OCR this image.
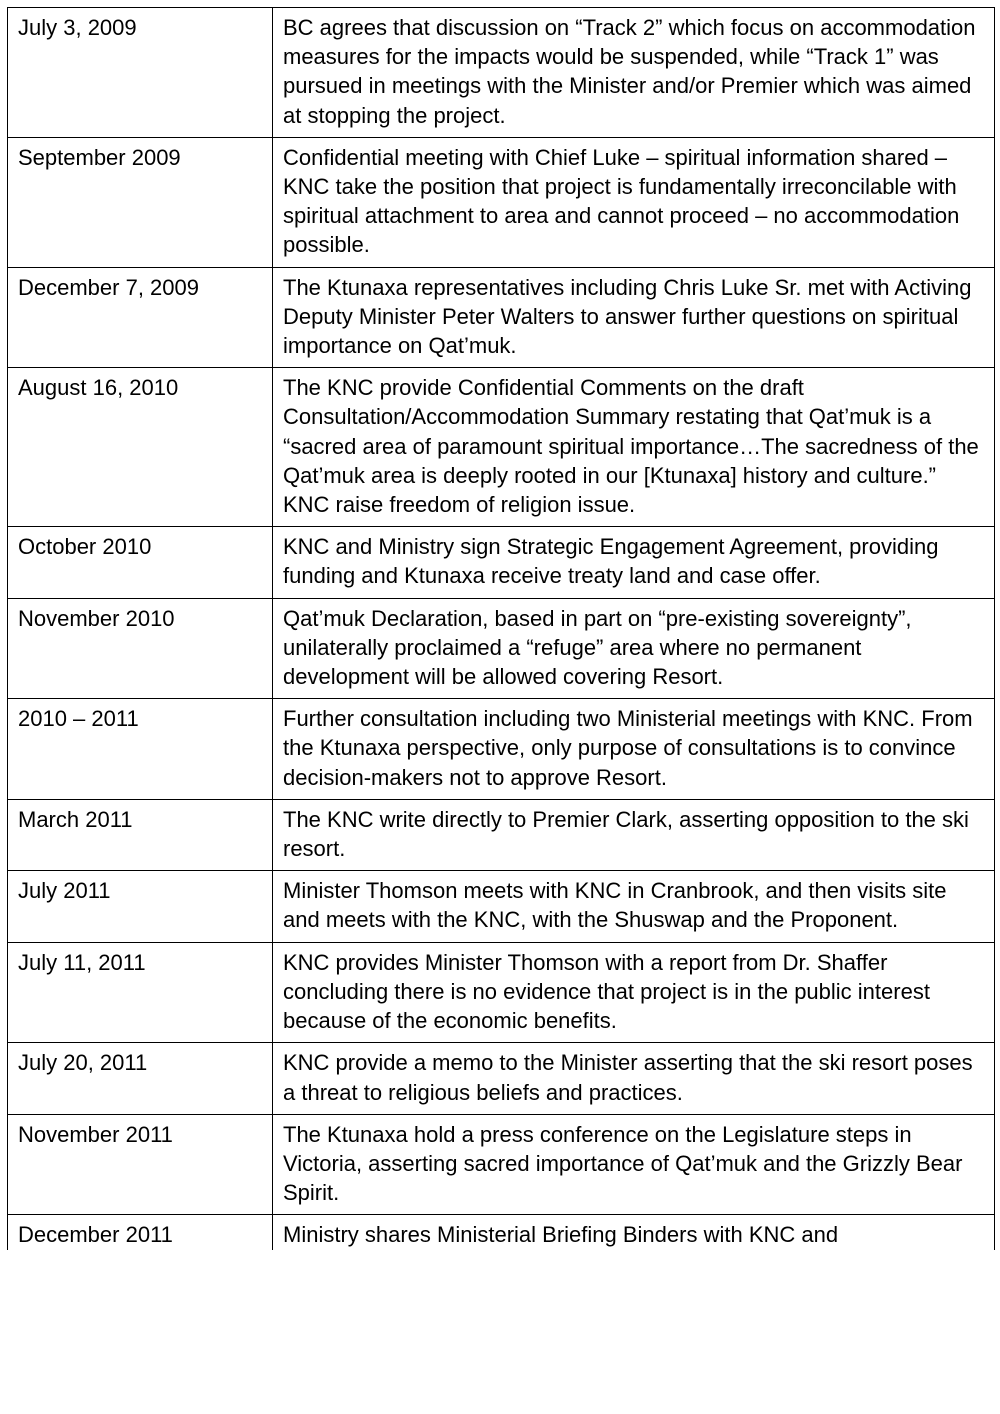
July 3, 2009	BC agrees that discussion on “Track 2” which focus on accommodation measures for the impacts would be suspended, while “Track 1” was pursued in meetings with the Minister and/or Premier which was aimed at stopping the project.
September 2009	Confidential meeting with Chief Luke – spiritual information shared – KNC take the position that project is fundamentally irreconcilable with spiritual attachment to area and cannot proceed – no accommodation possible.
December 7, 2009	The Ktunaxa representatives including Chris Luke Sr. met with Activing Deputy Minister Peter Walters to answer further questions on spiritual importance on Qat’muk.
August 16, 2010	The KNC provide Confidential Comments on the draft Consultation/Accommodation Summary restating that Qat’muk is a “sacred area of paramount spiritual importance…The sacredness of the Qat’muk area is deeply rooted in our [Ktunaxa] history and culture.” KNC raise freedom of religion issue.
October 2010	KNC and Ministry sign Strategic Engagement Agreement, providing funding and Ktunaxa receive treaty land and case offer.
November 2010	Qat’muk Declaration, based in part on “pre-existing sovereignty”, unilaterally proclaimed a “refuge” area where no permanent development will be allowed covering Resort.
2010 – 2011	Further consultation including two Ministerial meetings with KNC. From the Ktunaxa perspective, only purpose of consultations is to convince decision-makers not to approve Resort.
March 2011	The KNC write directly to Premier Clark, asserting opposition to the ski resort.
July 2011	Minister Thomson meets with KNC in Cranbrook, and then visits site and meets with the KNC, with the Shuswap and the Proponent.
July 11, 2011	KNC provides Minister Thomson with a report from Dr. Shaffer concluding there is no evidence that project is in the public interest because of the economic benefits.
July 20, 2011	KNC provide a memo to the Minister asserting that the ski resort poses a threat to religious beliefs and practices.
November 2011	The Ktunaxa hold a press conference on the Legislature steps in Victoria, asserting sacred importance of Qat’muk and the Grizzly Bear Spirit.
December 2011	Ministry shares Ministerial Briefing Binders with KNC and
